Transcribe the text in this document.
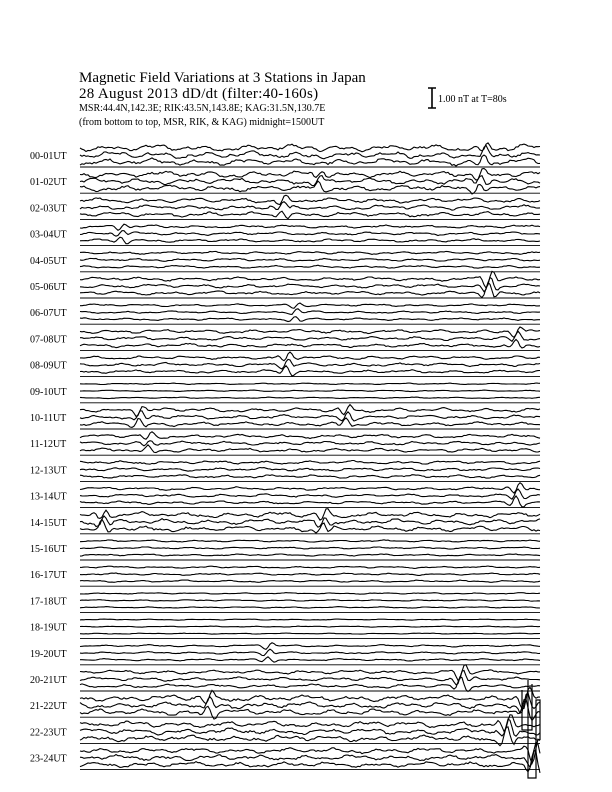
Magnetic Field Variations at 3 Stations in Japan
28 August 2013 dD/dt (filter:40-160s)
MSR:44.4N,142.3E; RIK:43.5N,143.8E; KAG:31.5N,130.7E
(from bottom to top, MSR, RIK, & KAG) midnight=1500UT
1.00 nT at T=80s
00-01UT
01-02UT
02-03UT
03-04UT
04-05UT
05-06UT
06-07UT
07-08UT
08-09UT
09-10UT
10-11UT
11-12UT
12-13UT
13-14UT
14-15UT
15-16UT
16-17UT
17-18UT
18-19UT
19-20UT
20-21UT
21-22UT
22-23UT
23-24UT
